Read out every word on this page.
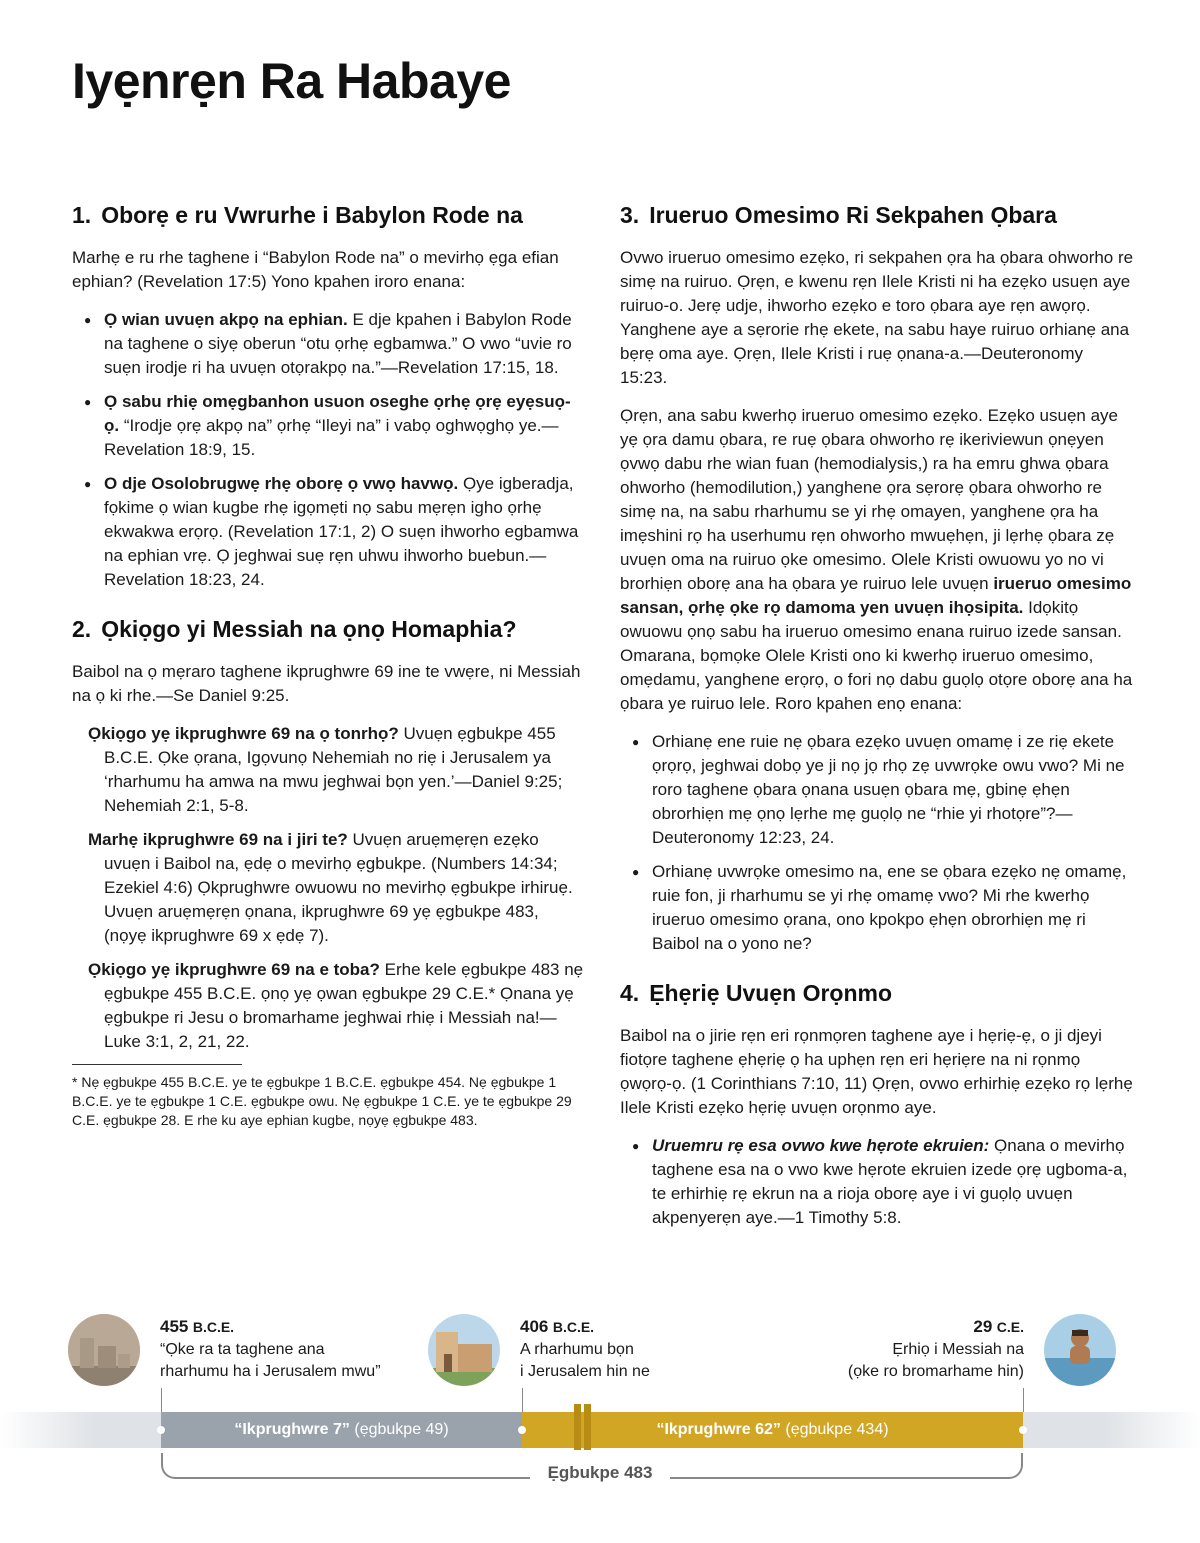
Iyẹnrẹn Ra Habaye
1. Oborẹ e ru Vwrurhe i Babylon Rode na

Marhẹ e ru rhe taghene i “Babylon Rode na” o mevirhọ ẹga efian ephian? (Revelation 17:5) Yono kpahen iroro enana:

● Ọ wian uvuẹn akpọ na ephian. E dje kpahen i Babylon Rode na taghene o siyẹ oberun “otu ọrhẹ egbamwa.” O vwo “uvie ro suẹn irodje ri ha uvuẹn otọrakpọ na.”—Revelation 17:15, 18.
● Ọ sabu rhiẹ omẹgbanhon usuon oseghe ọrhẹ ọrẹ eyẹsuọ-ọ. “Irodje ọrẹ akpọ na” ọrhẹ “Ileyi na” i vabọ oghwọghọ ye.—Revelation 18:9, 15.
● O dje Osolobrugwẹ rhẹ oborẹ ọ vwọ havwọ. Ọye igberadja, fọkime ọ wian kugbe rhẹ igọmẹti nọ sabu mẹrẹn igho ọrhẹ ekwakwa erọrọ. (Revelation 17:1, 2) O suẹn ihworho egbamwa na ephian vrẹ. Ọ jeghwai suẹ rẹn uhwu ihworho buebun.—Revelation 18:23, 24.
2. Ọkiọgo yi Messiah na ọnọ Homaphia?

Baibol na ọ mẹraro taghene ikprughwre 69 ine te vwẹre, ni Messiah na ọ ki rhe.—Se Daniel 9:25.

Ọkiọgo yẹ ikprughwre 69 na ọ tonrhọ? Uvuẹn ẹgbukpe 455 B.C.E. Ọke ọrana, Igọvunọ Nehemiah no riẹ i Jerusalem ya ‘rharhumu ha amwa na mwu jeghwai bọn yen.’—Daniel 9:25; Nehemiah 2:1, 5-8.
Marhẹ ikprughwre 69 na i jiri te? Uvuẹn aruẹmẹrẹn ezẹko uvuẹn i Baibol na, ẹdẹ o mevirhọ ẹgbukpe. (Numbers 14:34; Ezekiel 4:6) Ọkprughwre owuowu no mevirhọ ẹgbukpe irhiruẹ. Uvuẹn aruẹmẹrẹn ọnana, ikprughwre 69 yẹ ẹgbukpe 483, (nọyẹ ikprughwre 69 x ẹdẹ 7).
Ọkiọgo yẹ ikprughwre 69 na e toba? Erhe kele ẹgbukpe 483 nẹ ẹgbukpe 455 B.C.E. ọnọ yẹ ọwan ẹgbukpe 29 C.E.* Ọnana yẹ ẹgbukpe ri Jesu o bromarhame jeghwai rhiẹ i Messiah na!—Luke 3:1, 2, 21, 22.
* Nẹ ẹgbukpe 455 B.C.E. ye te ẹgbukpe 1 B.C.E. ẹgbukpe 454. Nẹ ẹgbukpe 1 B.C.E. ye te ẹgbukpe 1 C.E. ẹgbukpe owu. Nẹ ẹgbukpe 1 C.E. ye te ẹgbukpe 29 C.E. ẹgbukpe 28. E rhe ku aye ephian kugbe, nọyẹ ẹgbukpe 483.
3. Irueruo Omesimo Ri Sekpahen Ọbara

Ovwo irueruo omesimo ezẹko, ri sekpahen ọra ha ọbara ohworho re simẹ na ruiruo. Ọrẹn, e kwenu rẹn Ilele Kristi ni ha ezẹko usuẹn aye ruiruo-o. Jerẹ udje, ihworho ezẹko e toro ọbara aye rẹn awọrọ. Yanghene aye a sẹrorie rhẹ ekete, na sabu haye ruiruo orhianẹ ana bẹrẹ oma aye. Ọrẹn, Ilele Kristi i ruẹ ọnana-a.—Deuteronomy 15:23.

Ọrẹn, ana sabu kwerhọ irueruo omesimo ezẹko. Ezẹko usuẹn aye yẹ ọra damu ọbara, re ruẹ ọbara ohworho rẹ ikeriviewun ọnẹyen ọvwọ dabu rhe wian fuan (hemodialysis,) ra ha emru ghwa ọbara ohworho (hemodilution,) yanghene ọra sẹrorẹ ọbara ohworho re simẹ na, na sabu rharhumu se yi rhẹ omayen, yanghene ọra ha imẹshini rọ ha userhumu rẹn ohworho mwuẹhẹn, ji lẹrhẹ ọbara zẹ uvuẹn oma na ruiruo ọke omesimo. Olele Kristi owuowu yo no vi brorhiẹn oborẹ ana ha ọbara ye ruiruo lele uvuẹn irueruo omesimo sansan, ọrhẹ ọke rọ damoma yen uvuẹn ihọsipita. Idọkitọ owuowu ọnọ sabu ha irueruo omesimo enana ruiruo izede sansan. Omarana, bọmọke Olele Kristi ono ki kwerhọ irueruo omesimo, omẹdamu, yanghene erọrọ, o fori nọ dabu guọlọ otọre oborẹ ana ha ọbara ye ruiruo lele. Roro kpahen enọ enana:

● Orhianẹ ene ruie nẹ ọbara ezẹko uvuẹn omamẹ i ze riẹ ekete ọrọrọ, jeghwai dobọ ye ji nọ jọ rhọ zẹ uvwrọke owu vwo? Mi ne roro taghene ọbara ọnana usuẹn ọbara mẹ, gbinẹ ẹhẹn obrorhiẹn mẹ ọnọ lẹrhe mẹ guọlọ ne “rhie yi rhotọre”?—Deuteronomy 12:23, 24.
● Orhianẹ uvwrọke omesimo na, ene se ọbara ezẹko nẹ omamẹ, ruie fon, ji rharhumu se yi rhẹ omamẹ vwo? Mi rhe kwerhọ irueruo omesimo ọrana, ono kpokpo ẹhẹn obrorhiẹn mẹ ri Baibol na o yono ne?
4. Ẹhẹriẹ Uvuẹn Orọnmo

Baibol na o jirie rẹn eri rọnmọren taghene aye i hẹriẹ-ẹ, o ji djeyi fiotọre taghene ẹhẹriẹ ọ ha uphẹn rẹn eri hẹriẹre na ni rọnmọ ọwọrọ-ọ. (1 Corinthians 7:10, 11) Ọrẹn, ovwo erhirhiẹ ezẹko rọ lẹrhẹ Ilele Kristi ezẹko hẹriẹ uvuẹn orọnmo aye.

● Uruemru rẹ esa ovwo kwe hẹrote ekruien: Ọnana o mevirhọ taghene esa na o vwo kwe hẹrote ekruien izede ọrẹ ugboma-a, te erhirhiẹ rẹ ekrun na a rioja oborẹ aye i vi guọlọ uvuẹn akpenyerẹn aye.—1 Timothy 5:8.
455 B.C.E.
“Ọke ra ta taghene ana
rharhumu ha i Jerusalem mwu”
406 B.C.E.
A rharhumu bọn
i Jerusalem hin ne
29 C.E.
Ẹrhiọ i Messiah na
(ọke ro bromarhame hin)
“Ikprughwre 7” (ẹgbukpe 49)	“Ikprughwre 62” (ẹgbukpe 434)
Ẹgbukpe 483
